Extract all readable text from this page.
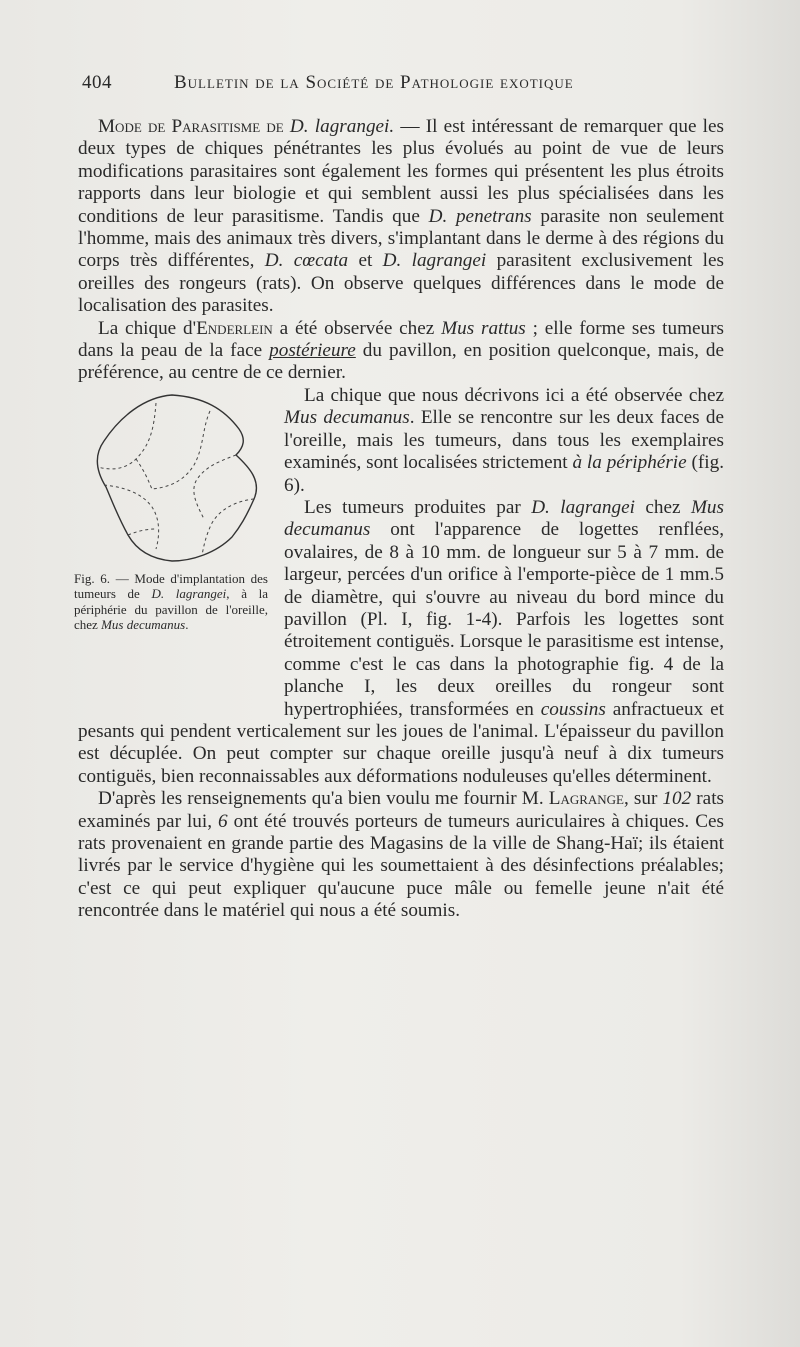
404	Bulletin de la Société de Pathologie exotique

Mode de Parasitisme de D. lagrangei. — Il est intéressant de remarquer que les deux types de chiques pénétrantes les plus évolués au point de vue de leurs modifications parasitaires sont également les formes qui présentent les plus étroits rapports dans leur biologie et qui semblent aussi les plus spécialisées dans les conditions de leur parasitisme. Tandis que D. penetrans parasite non seulement l'homme, mais des animaux très divers, s'implantant dans le derme à des régions du corps très différentes, D. cœcata et D. lagrangei parasitent exclusivement les oreilles des rongeurs (rats). On observe quelques différences dans le mode de localisation des parasites.

La chique d'Enderlein a été observée chez Mus rattus ; elle forme ses tumeurs dans la peau de la face postérieure du pavillon, en position quelconque, mais, de préférence, au centre de ce dernier.

Fig. 6. — Mode d'implantation des tumeurs de D. lagrangei, à la périphérie du pavillon de l'oreille, chez Mus decumanus.

La chique que nous décrivons ici a été observée chez Mus decumanus. Elle se rencontre sur les deux faces de l'oreille, mais les tumeurs, dans tous les exemplaires examinés, sont localisées strictement à la périphérie (fig. 6).

Les tumeurs produites par D. lagrangei chez Mus decumanus ont l'apparence de logettes renflées, ovalaires, de 8 à 10 mm. de longueur sur 5 à 7 mm. de largeur, percées d'un orifice à l'emporte-pièce de 1 mm.5 de diamètre, qui s'ouvre au niveau du bord mince du pavillon (Pl. I, fig. 1-4). Parfois les logettes sont étroitement contiguës. Lorsque le parasitisme est intense, comme c'est le cas dans la photographie fig. 4 de la planche I, les deux oreilles du rongeur sont hypertrophiées, transformées en coussins anfractueux et pesants qui pendent verticalement sur les joues de l'animal. L'épaisseur du pavillon est décuplée. On peut compter sur chaque oreille jusqu'à neuf à dix tumeurs contiguës, bien reconnaissables aux déformations noduleuses qu'elles déterminent.

D'après les renseignements qu'a bien voulu me fournir M. Lagrange, sur 102 rats examinés par lui, 6 ont été trouvés porteurs de tumeurs auriculaires à chiques. Ces rats provenaient en grande partie des Magasins de la ville de Shang-Haï; ils étaient livrés par le service d'hygiène qui les soumettaient à des désinfections préalables; c'est ce qui peut expliquer qu'aucune puce mâle ou femelle jeune n'ait été rencontrée dans le matériel qui nous a été soumis.
